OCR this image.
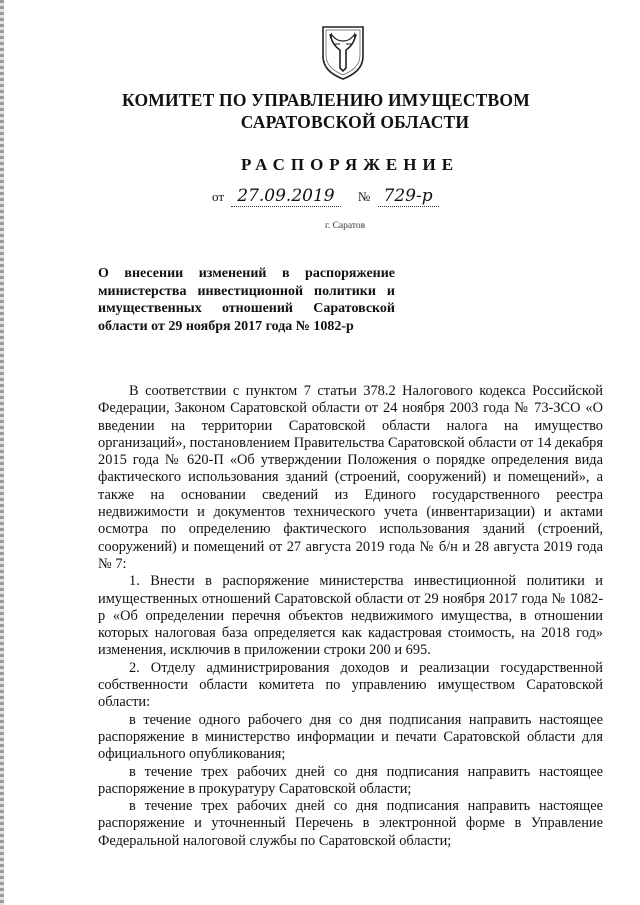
КОМИТЕТ ПО УПРАВЛЕНИЮ ИМУЩЕСТВОМ
САРАТОВСКОЙ ОБЛАСТИ
РАСПОРЯЖЕНИЕ
от 27.09.2019 № 729-р
г. Саратов
О внесении изменений в распоряжение министерства инвестиционной политики и имущественных отношений Саратовской области от 29 ноября 2017 года № 1082-р

В соответствии с пунктом 7 статьи 378.2 Налогового кодекса Российской Федерации, Законом Саратовской области от 24 ноября 2003 года № 73-ЗСО «О введении на территории Саратовской области налога на имущество организаций», постановлением Правительства Саратовской области от 14 декабря 2015 года № 620-П «Об утверждении Положения о порядке определения вида фактического использования зданий (строений, сооружений) и помещений», а также на основании сведений из Единого государственного реестра недвижимости и документов технического учета (инвентаризации) и актами осмотра по определению фактического использования зданий (строений, сооружений) и помещений от 27 августа 2019 года № б/н и 28 августа 2019 года № 7:

1. Внести в распоряжение министерства инвестиционной политики и имущественных отношений Саратовской области от 29 ноября 2017 года № 1082-р «Об определении перечня объектов недвижимого имущества, в отношении которых налоговая база определяется как кадастровая стоимость, на 2018 год» изменения, исключив в приложении строки 200 и 695.

2. Отделу администрирования доходов и реализации государственной собственности области комитета по управлению имуществом Саратовской области:

в течение одного рабочего дня со дня подписания направить настоящее распоряжение в министерство информации и печати Саратовской области для официального опубликования;

в течение трех рабочих дней со дня подписания направить настоящее распоряжение в прокуратуру Саратовской области;

в течение трех рабочих дней со дня подписания направить настоящее распоряжение и уточненный Перечень в электронной форме в Управление Федеральной налоговой службы по Саратовской области;
